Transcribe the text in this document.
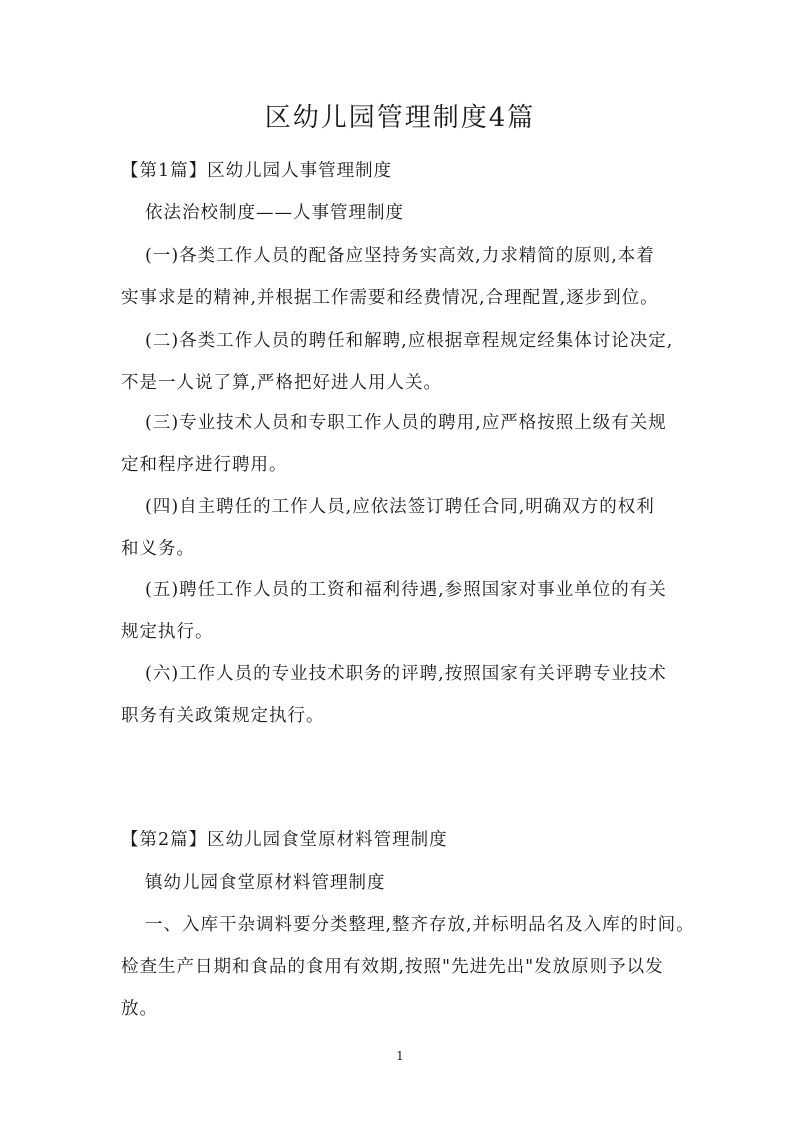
区幼儿园管理制度4篇
【第1篇】区幼儿园人事管理制度
依法治校制度——人事管理制度
(一)各类工作人员的配备应坚持务实高效,力求精简的原则,本着
实事求是的精神,并根据工作需要和经费情况,合理配置,逐步到位。
(二)各类工作人员的聘任和解聘,应根据章程规定经集体讨论决定,
不是一人说了算,严格把好进人用人关。
(三)专业技术人员和专职工作人员的聘用,应严格按照上级有关规
定和程序进行聘用。
(四)自主聘任的工作人员,应依法签订聘任合同,明确双方的权利
和义务。
(五)聘任工作人员的工资和福利待遇,参照国家对事业单位的有关
规定执行。
(六)工作人员的专业技术职务的评聘,按照国家有关评聘专业技术
职务有关政策规定执行。
【第2篇】区幼儿园食堂原材料管理制度
镇幼儿园食堂原材料管理制度
一、入库干杂调料要分类整理,整齐存放,并标明品名及入库的时间。
检查生产日期和食品的食用有效期,按照"先进先出"发放原则予以发
放。
1
